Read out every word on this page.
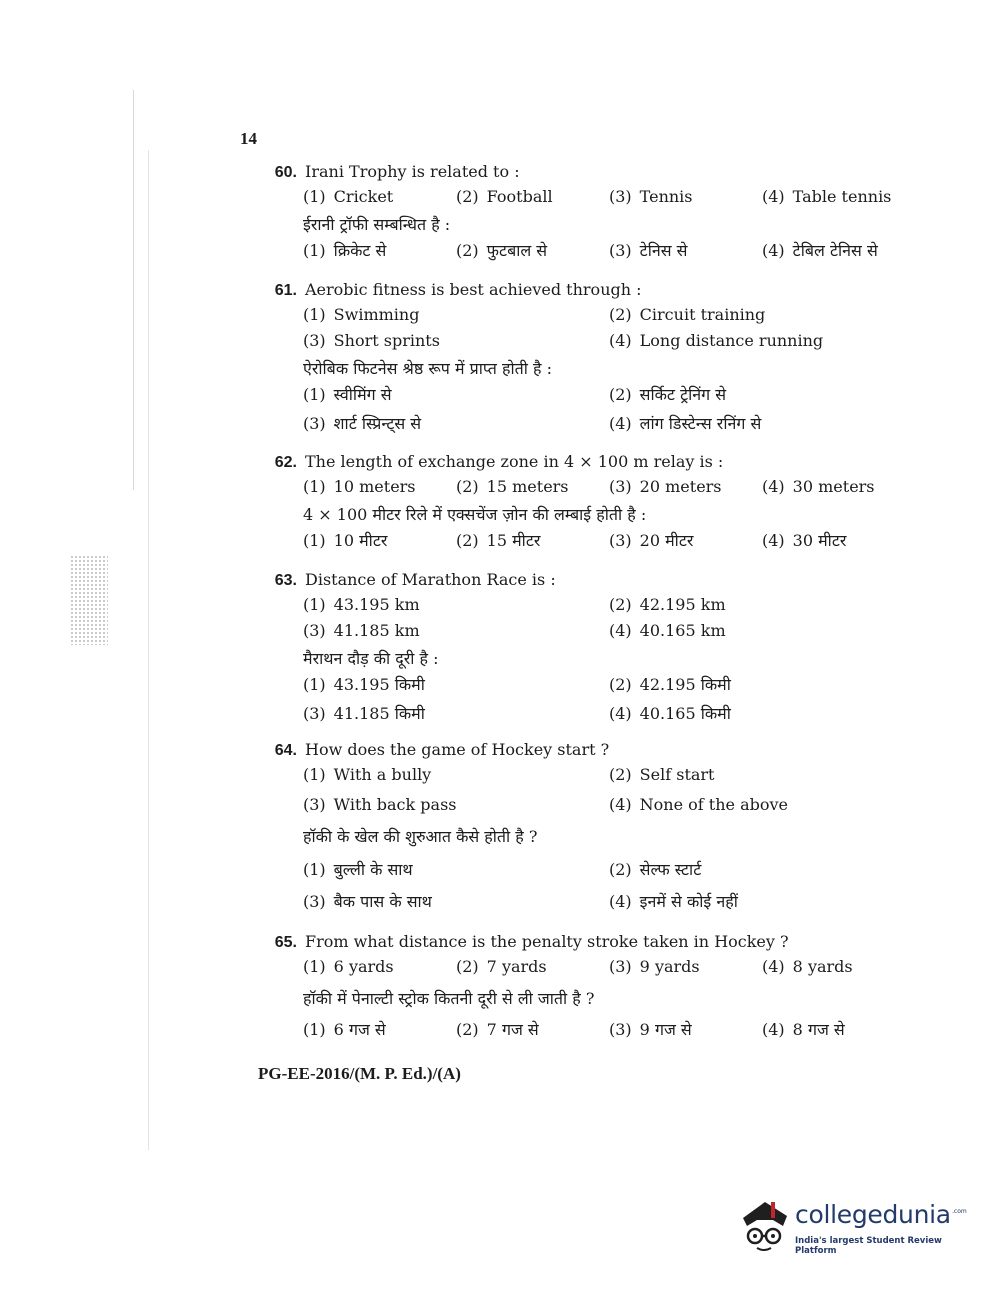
14
60. Irani Trophy is related to :
(1) Cricket	(2) Football	(3) Tennis	(4) Table tennis
ईरानी ट्रॉफी सम्बन्धित है :
(1) क्रिकेट से	(2) फुटबाल से	(3) टेनिस से	(4) टेबिल टेनिस से
61. Aerobic fitness is best achieved through :
(1) Swimming	(2) Circuit training
(3) Short sprints	(4) Long distance running
ऐरोबिक फिटनेस श्रेष्ठ रूप में प्राप्त होती है :
(1) स्वीमिंग से	(2) सर्किट ट्रेनिंग से
(3) शार्ट स्प्रिन्ट्स से	(4) लांग डिस्टेन्स रनिंग से
62. The length of exchange zone in 4 × 100 m relay is :
(1) 10 meters	(2) 15 meters	(3) 20 meters	(4) 30 meters
4 × 100 मीटर रिले में एक्सचेंज ज़ोन की लम्बाई होती है :
(1) 10 मीटर	(2) 15 मीटर	(3) 20 मीटर	(4) 30 मीटर
63. Distance of Marathon Race is :
(1) 43.195 km	(2) 42.195 km
(3) 41.185 km	(4) 40.165 km
मैराथन दौड़ की दूरी है :
(1) 43.195 किमी	(2) 42.195 किमी
(3) 41.185 किमी	(4) 40.165 किमी
64. How does the game of Hockey start ?
(1) With a bully	(2) Self start
(3) With back pass	(4) None of the above
हॉकी के खेल की शुरुआत कैसे होती है ?
(1) बुल्ली के साथ	(2) सेल्फ स्टार्ट
(3) बैक पास के साथ	(4) इनमें से कोई नहीं
65. From what distance is the penalty stroke taken in Hockey ?
(1) 6 yards	(2) 7 yards	(3) 9 yards	(4) 8 yards
हॉकी में पेनाल्टी स्ट्रोक कितनी दूरी से ली जाती है ?
(1) 6 गज से	(2) 7 गज से	(3) 9 गज से	(4) 8 गज से
PG-EE-2016/(M. P. Ed.)/(A)
collegedunia .com
India's largest Student Review Platform
